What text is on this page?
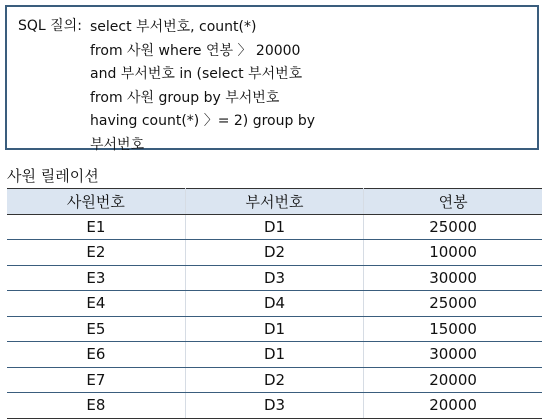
SQL 질의: select 부서번호, count(*)
from 사원 where 연봉 〉 20000
and 부서번호 in (select 부서번호
from 사원 group by 부서번호
having count(*) 〉= 2) group by
부서번호
사원 릴레이션
사원번호	부서번호	연봉
E1	D1	25000
E2	D2	10000
E3	D3	30000
E4	D4	25000
E5	D1	15000
E6	D1	30000
E7	D2	20000
E8	D3	20000
